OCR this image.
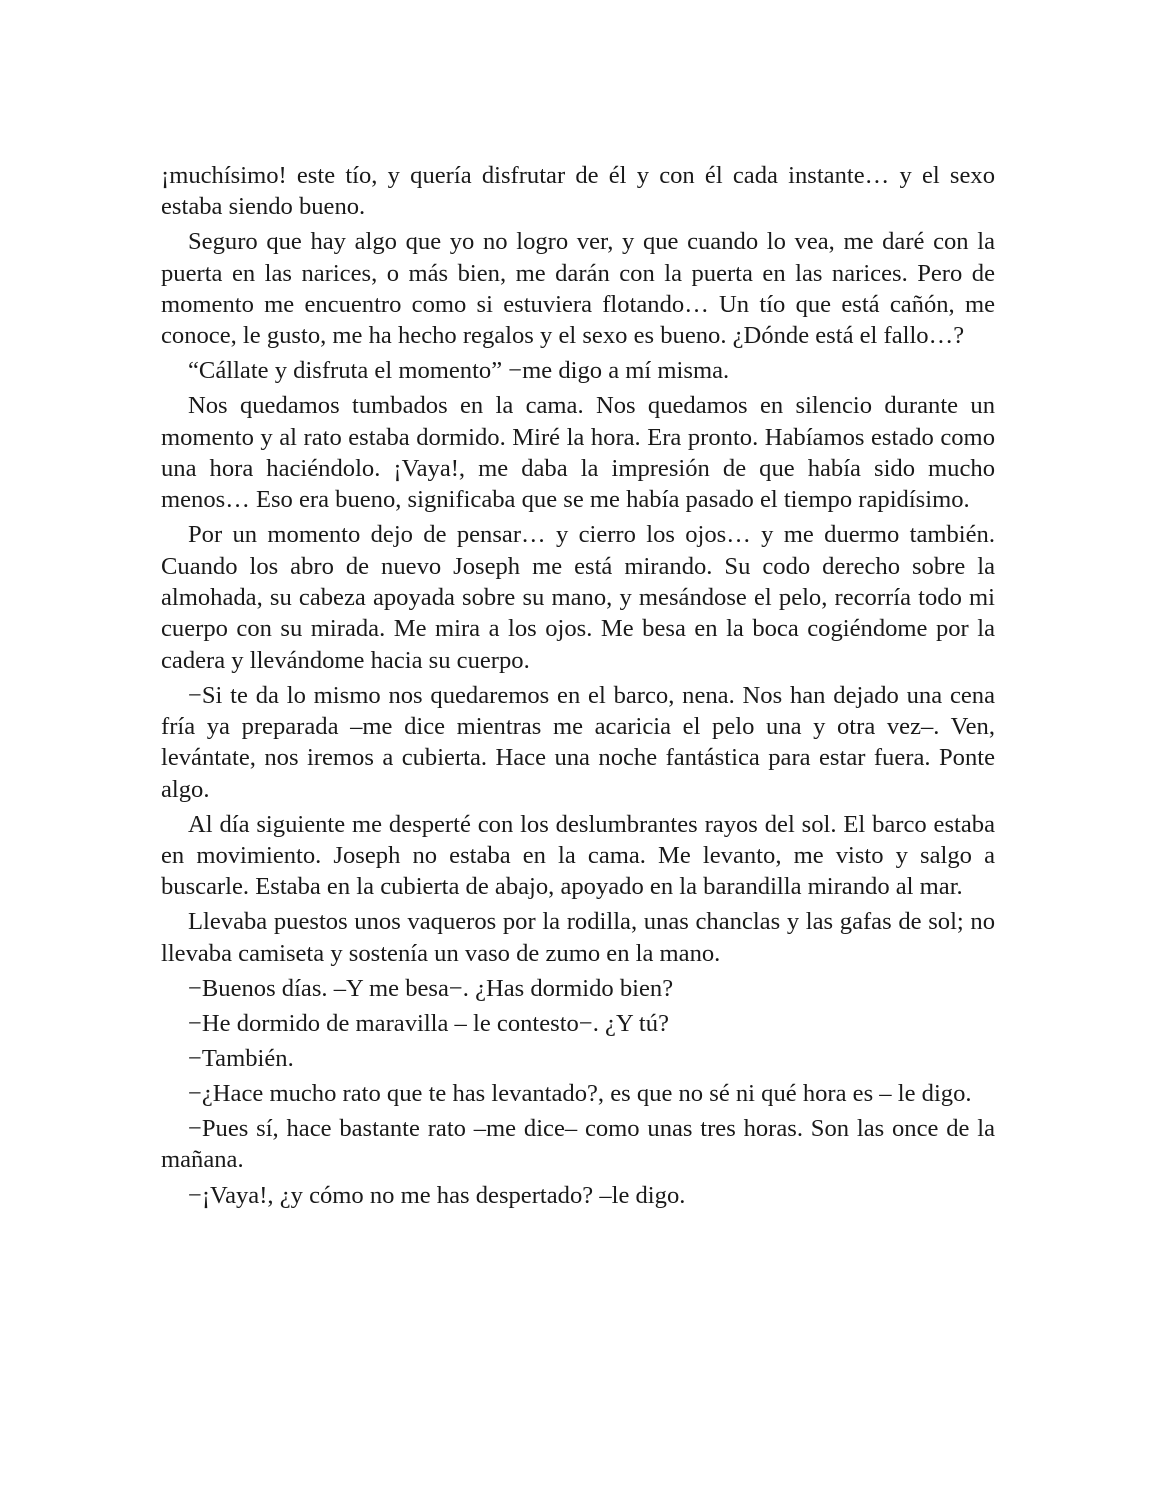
¡muchísimo! este tío, y quería disfrutar de él y con él cada instante… y el sexo estaba siendo bueno.

Seguro que hay algo que yo no logro ver, y que cuando lo vea, me daré con la puerta en las narices, o más bien, me darán con la puerta en las narices. Pero de momento me encuentro como si estuviera flotando… Un tío que está cañón, me conoce, le gusto, me ha hecho regalos y el sexo es bueno. ¿Dónde está el fallo…?

“Cállate y disfruta el momento” −me digo a mí misma.

Nos quedamos tumbados en la cama. Nos quedamos en silencio durante un momento y al rato estaba dormido. Miré la hora. Era pronto. Habíamos estado como una hora haciéndolo. ¡Vaya!, me daba la impresión de que había sido mucho menos… Eso era bueno, significaba que se me había pasado el tiempo rapidísimo.

Por un momento dejo de pensar… y cierro los ojos… y me duermo también. Cuando los abro de nuevo Joseph me está mirando. Su codo derecho sobre la almohada, su cabeza apoyada sobre su mano, y mesándose el pelo, recorría todo mi cuerpo con su mirada. Me mira a los ojos. Me besa en la boca cogiéndome por la cadera y llevándome hacia su cuerpo.

−Si te da lo mismo nos quedaremos en el barco, nena. Nos han dejado una cena fría ya preparada –me dice mientras me acaricia el pelo una y otra vez–. Ven, levántate, nos iremos a cubierta. Hace una noche fantástica para estar fuera. Ponte algo.

Al día siguiente me desperté con los deslumbrantes rayos del sol. El barco estaba en movimiento. Joseph no estaba en la cama. Me levanto, me visto y salgo a buscarle. Estaba en la cubierta de abajo, apoyado en la barandilla mirando al mar.

Llevaba puestos unos vaqueros por la rodilla, unas chanclas y las gafas de sol; no llevaba camiseta y sostenía un vaso de zumo en la mano.

−Buenos días. –Y me besa−. ¿Has dormido bien?

−He dormido de maravilla – le contesto−. ¿Y tú?

−También.

−¿Hace mucho rato que te has levantado?, es que no sé ni qué hora es – le digo.

−Pues sí, hace bastante rato –me dice– como unas tres horas. Son las once de la mañana.

−¡Vaya!, ¿y cómo no me has despertado? –le digo.
